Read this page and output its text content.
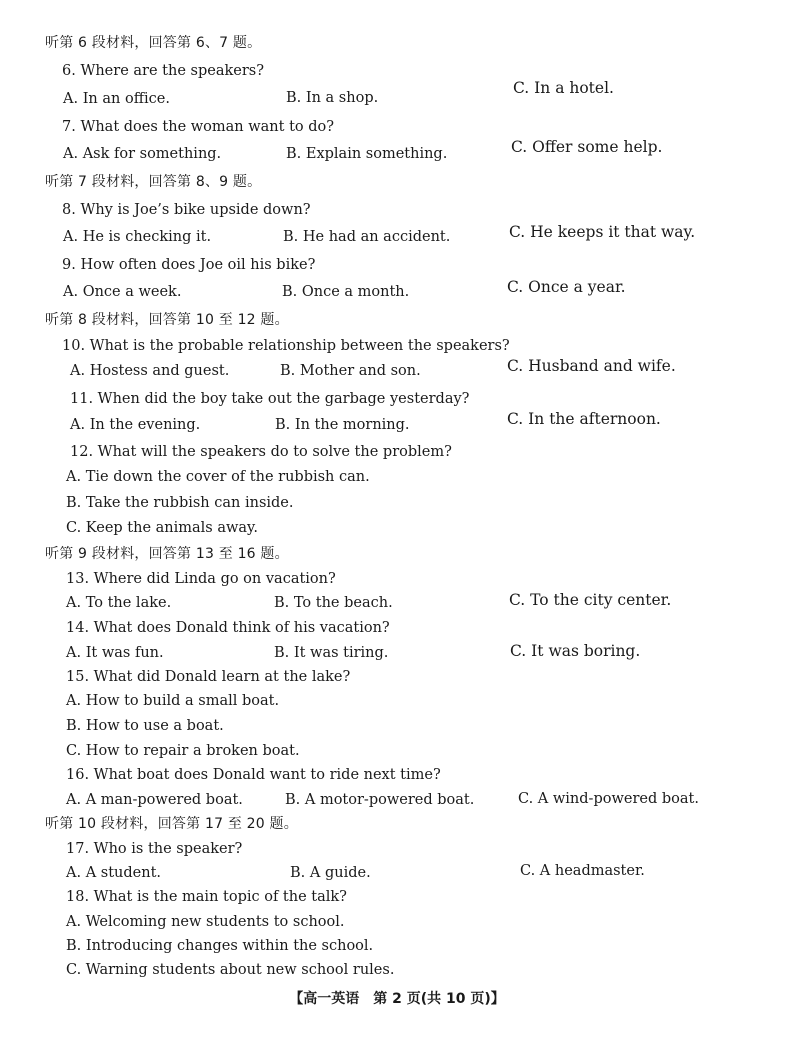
听第 6 段材料，回答第 6、7 题。
6. Where are the speakers?
A. In an office.	B. In a shop.
C. In a hotel.
7. What does the woman want to do?
A. Ask for something.	B. Explain something.	C. Offer some help.
听第 7 段材料，回答第 8、9 题。
8. Why is Joe’s bike upside down?
A. He is checking it.	B. He had an accident.	C. He keeps it that way.
9. How often does Joe oil his bike?
A. Once a week.	B. Once a month.	C. Once a year.
听第 8 段材料，回答第 10 至 12 题。
10. What is the probable relationship between the speakers?
A. Hostess and guest.	B. Mother and son.	C. Husband and wife.
11. When did the boy take out the garbage yesterday?
A. In the evening.	B. In the morning.	C. In the afternoon.
12. What will the speakers do to solve the problem?
A. Tie down the cover of the rubbish can.
B. Take the rubbish can inside.
C. Keep the animals away.
听第 9 段材料，回答第 13 至 16 题。
13. Where did Linda go on vacation?
A. To the lake.	B. To the beach.	C. To the city center.
14. What does Donald think of his vacation?
A. It was fun.	B. It was tiring.	C. It was boring.
15. What did Donald learn at the lake?
A. How to build a small boat.
B. How to use a boat.
C. How to repair a broken boat.
16. What boat does Donald want to ride next time?
A. A man-powered boat.	B. A motor-powered boat.	C. A wind-powered boat.
听第 10 段材料，回答第 17 至 20 题。
17. Who is the speaker?
A. A student.	B. A guide.	C. A headmaster.
18. What is the main topic of the talk?
A. Welcoming new students to school.
B. Introducing changes within the school.
C. Warning students about new school rules.
【高一英语　第 2 页(共 10 页)】
